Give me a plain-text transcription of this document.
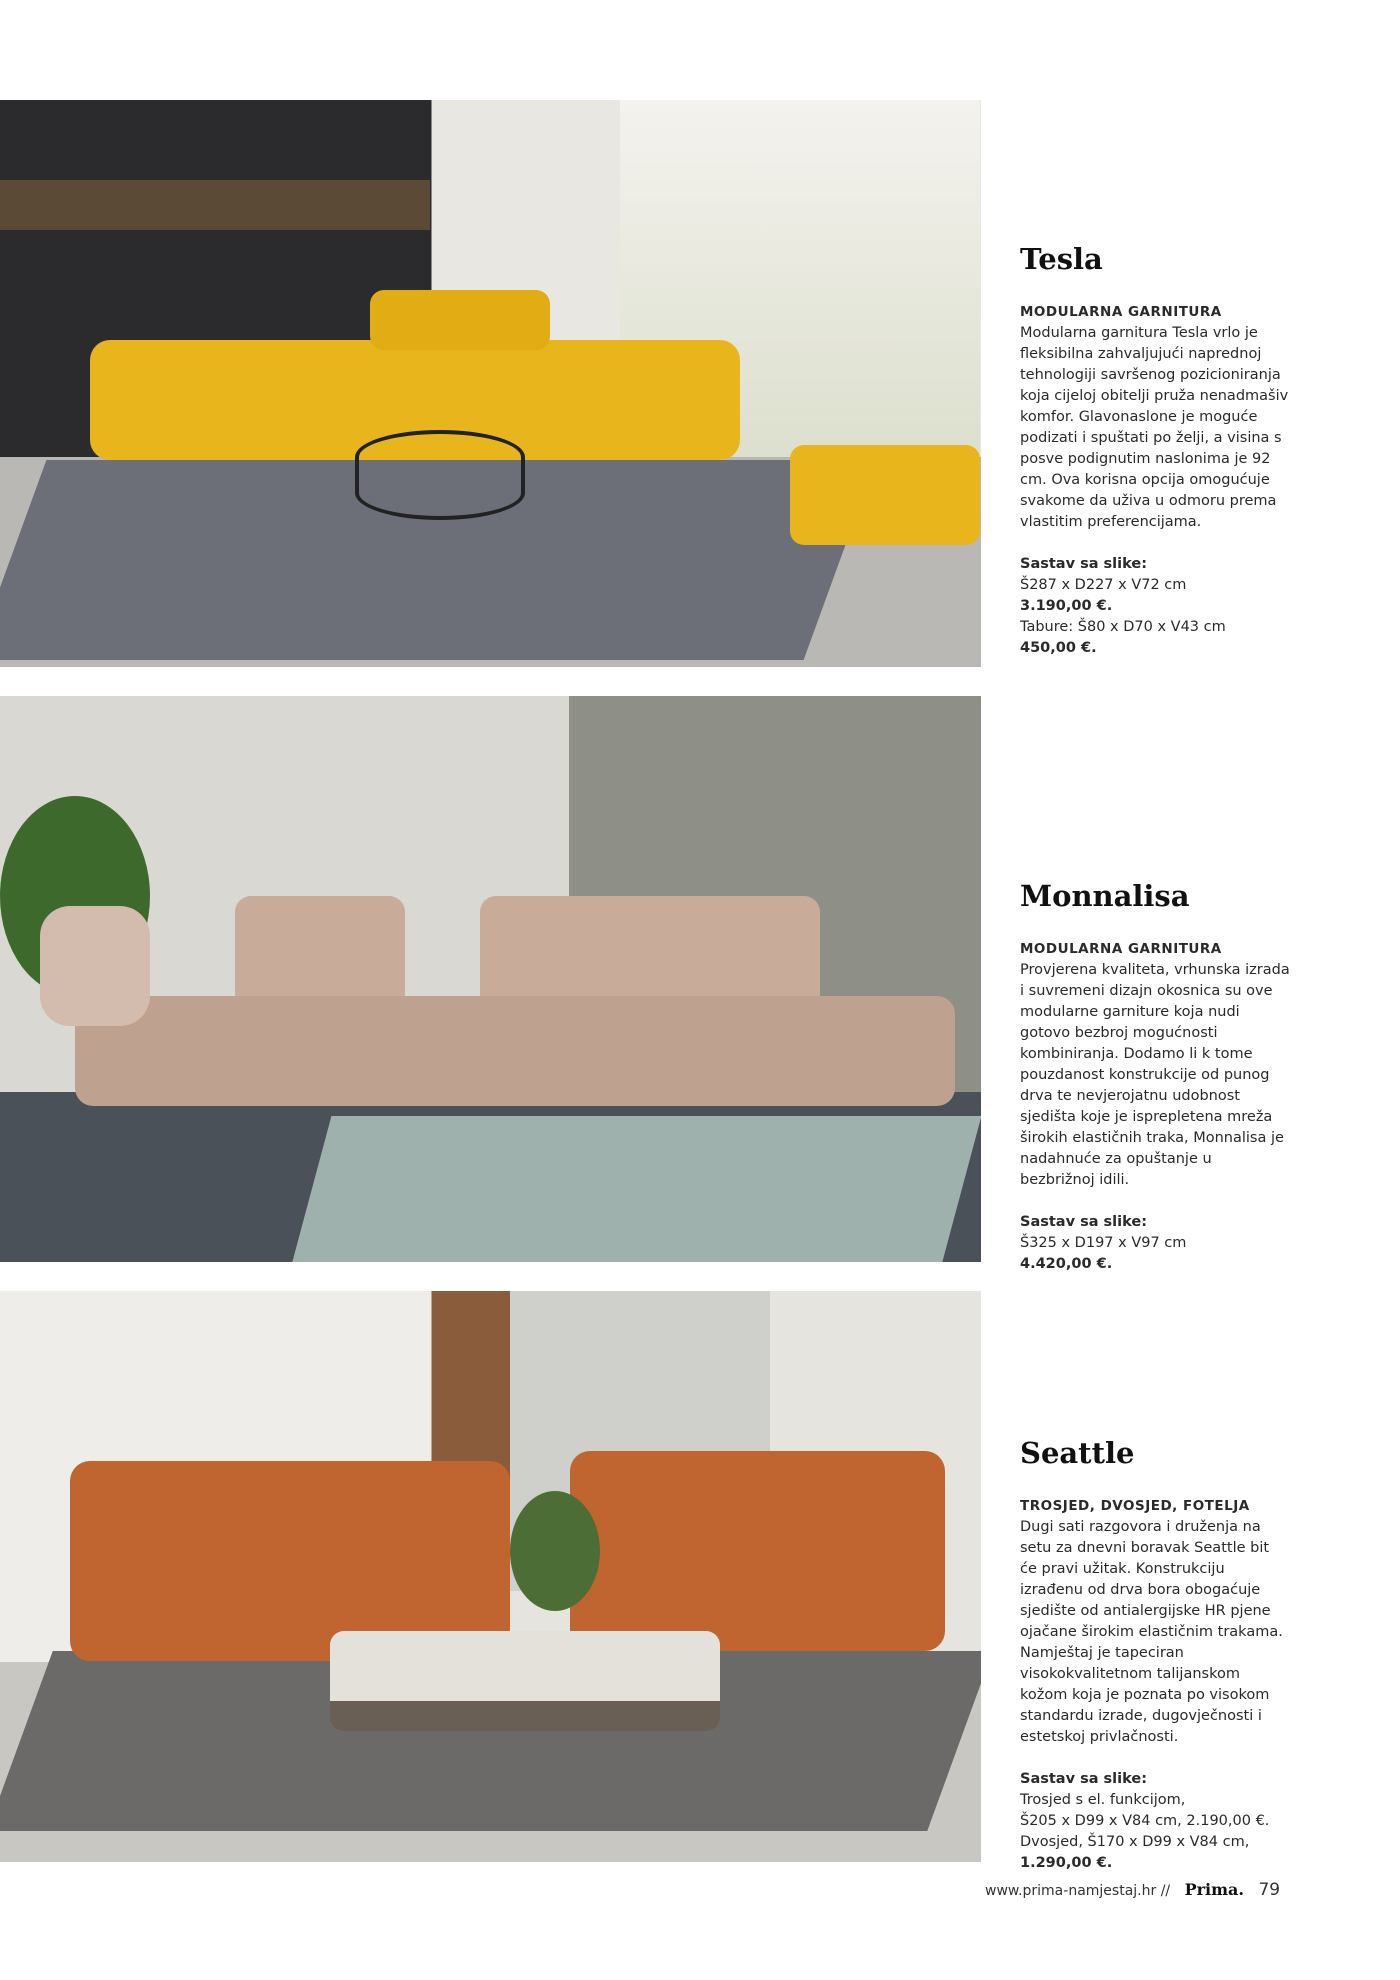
Tesla
MODULARNA GARNITURA
Modularna garnitura Tesla vrlo je fleksibilna zahvaljujući naprednoj tehnologiji savršenog pozicioniranja koja cijeloj obitelji pruža nenadmašiv komfor. Glavonaslone je moguće podizati i spuštati po želji, a visina s posve podignutim naslonima je 92 cm. Ova korisna opcija omogućuje svakome da uživa u odmoru prema vlastitim preferencijama.
Sastav sa slike:
Š287 x D227 x V72 cm
3.190,00 €.
Tabure: Š80 x D70 x V43 cm
450,00 €.
Monnalisa
MODULARNA GARNITURA
Provjerena kvaliteta, vrhunska izrada i suvremeni dizajn okosnica su ove modularne garniture koja nudi gotovo bezbroj mogućnosti kombiniranja. Dodamo li k tome pouzdanost konstrukcije od punog drva te nevjerojatnu udobnost sjedišta koje je isprepletena mreža širokih elastičnih traka, Monnalisa je nadahnuće za opuštanje u bezbrižnoj idili.
Sastav sa slike:
Š325 x D197 x V97 cm
4.420,00 €.
Seattle
TROSJED, DVOSJED, FOTELJA
Dugi sati razgovora i druženja na setu za dnevni boravak Seattle bit će pravi užitak. Konstrukciju izrađenu od drva bora obogaćuje sjedište od antialergijske HR pjene ojačane širokim elastičnim trakama. Namještaj je tapeciran visokokvalitetnom talijanskom kožom koja je poznata po visokom standardu izrade, dugovječnosti i estetskoj privlačnosti.
Sastav sa slike:
Trosjed s el. funkcijom,
Š205 x D99 x V84 cm, 2.190,00 €.
Dvosjed, Š170 x D99 x V84 cm,
1.290,00 €.
www.prima-namjestaj.hr // Prima. 79
